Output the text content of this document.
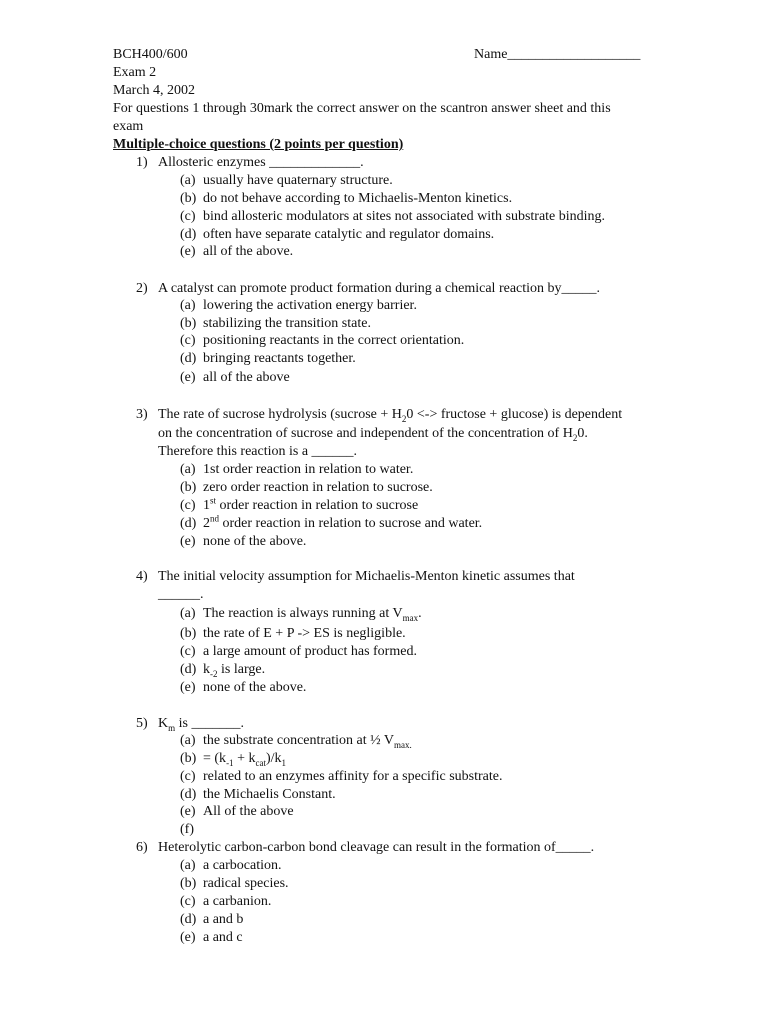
BCH400/600	Name___________________
Exam 2
March 4, 2002
For questions 1 through 30mark the correct answer on the scantron answer sheet and this
exam
Multiple-choice questions (2 points per question)
1) Allosteric enzymes _____________.
(a) usually have quaternary structure.
(b) do not behave according to Michaelis-Menton kinetics.
(c) bind allosteric modulators at sites not associated with substrate binding.
(d) often have separate catalytic and regulator domains.
(e) all of the above.
2) A catalyst can promote product formation during a chemical reaction by_____.
(a) lowering the activation energy barrier.
(b) stabilizing the transition state.
(c) positioning reactants in the correct orientation.
(d) bringing reactants together.
(e) all of the above
3) The rate of sucrose hydrolysis (sucrose + $H_20$ <-> fructose + glucose) is dependent
on the concentration of sucrose and independent of the concentration of $H_20$.
Therefore this reaction is a ______.
(a) 1st order reaction in relation to water.
(b) zero order reaction in relation to sucrose.
(c) 1st order reaction in relation to sucrose
(d) 2nd order reaction in relation to sucrose and water.
(e) none of the above.
4) The initial velocity assumption for Michaelis-Menton kinetic assumes that
______.
(a) The reaction is always running at $V_{max}$.
(b) the rate of E + P -> ES is negligible.
(c) a large amount of product has formed.
(d) $k_{-2}$ is large.
(e) none of the above.
5) $K_m$ is _______.
(a) the substrate concentration at ½ $V_{max.}$
$(b) = (k_{-1} + k_{cat})/k_1$
(c) related to an enzymes affinity for a specific substrate.
(d) the Michaelis Constant.
(e) All of the above
(f)
6) Heterolytic carbon-carbon bond cleavage can result in the formation of_____.
(a) a carbocation.
(b) radical species.
(c) a carbanion.
(d) a and b
(e) a and c
